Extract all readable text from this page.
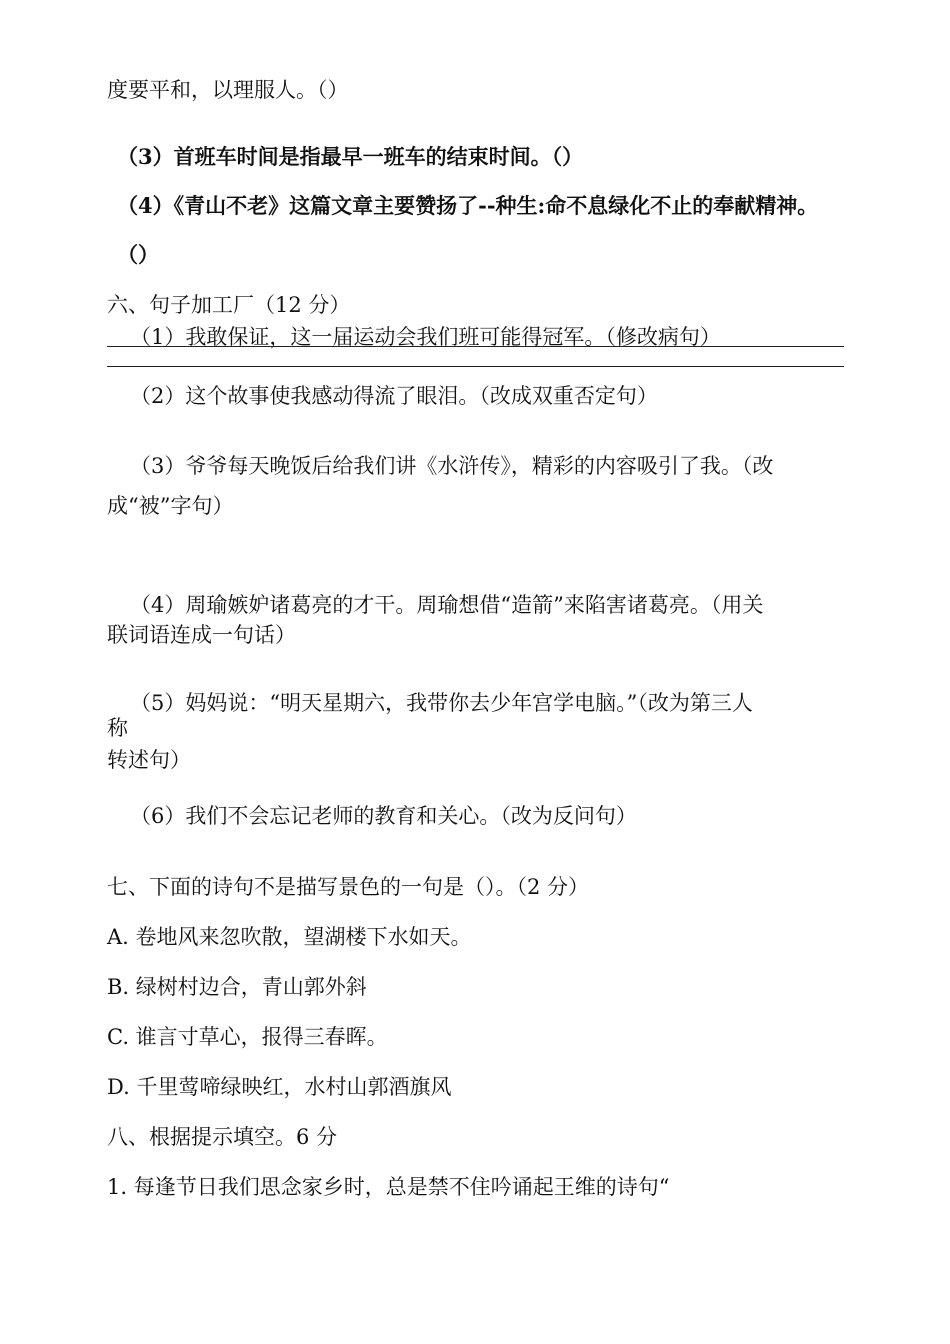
度要平和，以理服人。（）
（3）首班车时间是指最早一班车的结束时间。（）
（4）《青山不老》这篇文章主要赞扬了--种生:命不息绿化不止的奉献精神。
（）
六、句子加工厂（12 分）
（1）我敢保证，这一届运动会我们班可能得冠军。（修改病句）
（2）这个故事使我感动得流了眼泪。（改成双重否定句）
（3）爷爷每天晚饭后给我们讲《水浒传》，精彩的内容吸引了我。（改
成“被”字句）
（4）周瑜嫉妒诸葛亮的才干。周瑜想借“造箭”来陷害诸葛亮。（用关
联词语连成一句话）
（5）妈妈说：“明天星期六，我带你去少年宫学电脑。”（改为第三人
称
转述句）
（6）我们不会忘记老师的教育和关心。（改为反问句）
七、下面的诗句不是描写景色的一句是（）。（2 分）
A. 卷地风来忽吹散，望湖楼下水如天。
B. 绿树村边合，青山郭外斜
C. 谁言寸草心，报得三春晖。
D. 千里莺啼绿映红，水村山郭酒旗风
八、根据提示填空。6 分
1. 每逢节日我们思念家乡时，总是禁不住吟诵起王维的诗句“
